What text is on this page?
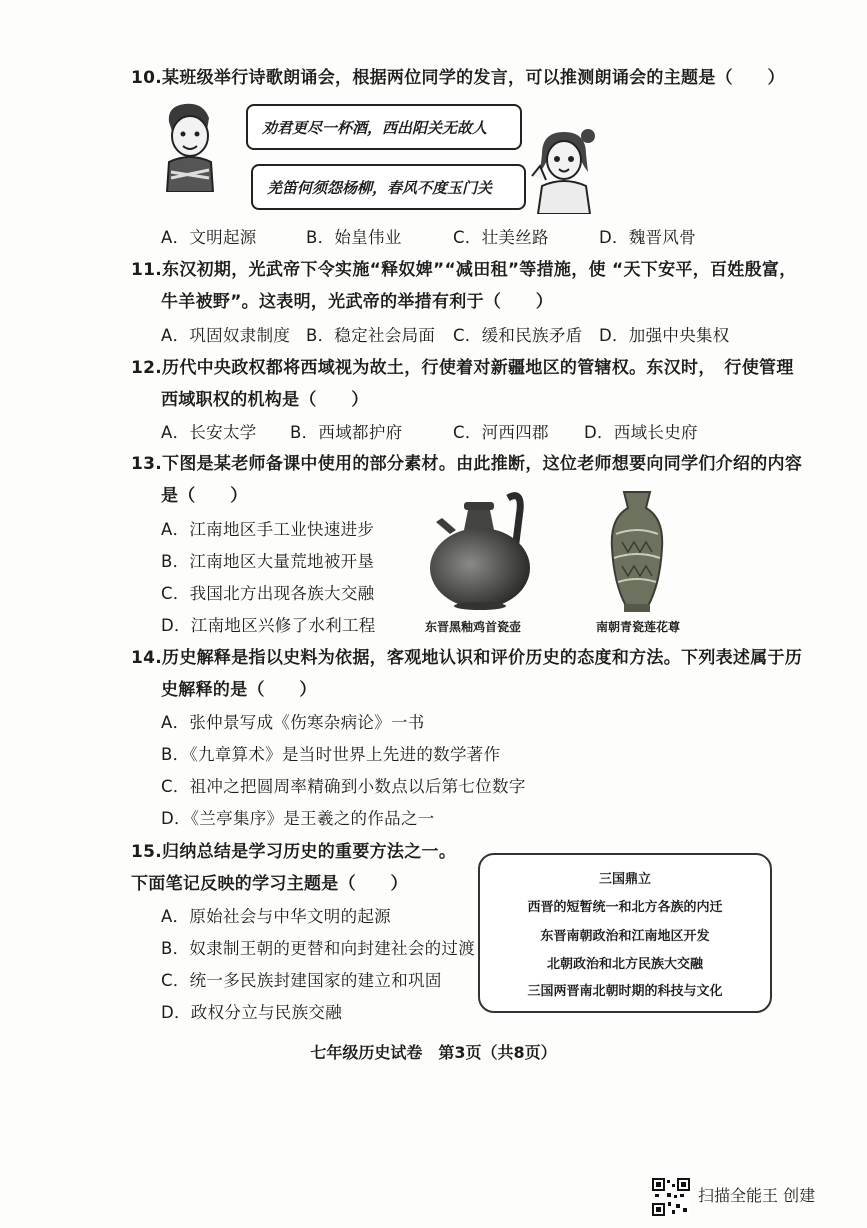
10.某班级举行诗歌朗诵会，根据两位同学的发言，可以推测朗诵会的主题是（　　）
劝君更尽一杯酒，西出阳关无故人
羌笛何须怨杨柳，春风不度玉门关
A．文明起源	B．始皇伟业	C．壮美丝路	D．魏晋风骨
11.东汉初期，光武帝下令实施“释奴婢”“减田租”等措施，使 “天下安平，百姓殷富，
牛羊被野”。这表明，光武帝的举措有利于（　　）
A．巩固奴隶制度 B．稳定社会局面 C．缓和民族矛盾 D．加强中央集权
12.历代中央政权都将西域视为故土，行使着对新疆地区的管辖权。东汉时，　行使管理
西域职权的机构是（　　）
A．长安太学 B．西域都护府	C．河西四郡 D．西域长史府
13.下图是某老师备课中使用的部分素材。由此推断，这位老师想要向同学们介绍的内容
是（　　）
A．江南地区手工业快速进步
B．江南地区大量荒地被开垦
C．我国北方出现各族大交融
D．江南地区兴修了水利工程	东晋黑釉鸡首瓷壶	南朝青瓷莲花尊
14.历史解释是指以史料为依据，客观地认识和评价历史的态度和方法。下列表述属于历
史解释的是（　　）
A．张仲景写成《伤寒杂病论》一书
B．《九章算术》是当时世界上先进的数学著作
C．祖冲之把圆周率精确到小数点以后第七位数字
D．《兰亭集序》是王羲之的作品之一
15.归纳总结是学习历史的重要方法之一。
下面笔记反映的学习主题是（　　）
A．原始社会与中华文明的起源
B．奴隶制王朝的更替和向封建社会的过渡
C．统一多民族封建国家的建立和巩固
D．政权分立与民族交融
三国鼎立
西晋的短暂统一和北方各族的内迁
东晋南朝政治和江南地区开发
北朝政治和北方民族大交融
三国两晋南北朝时期的科技与文化
七年级历史试卷　第3页（共8页）
扫描全能王 创建
